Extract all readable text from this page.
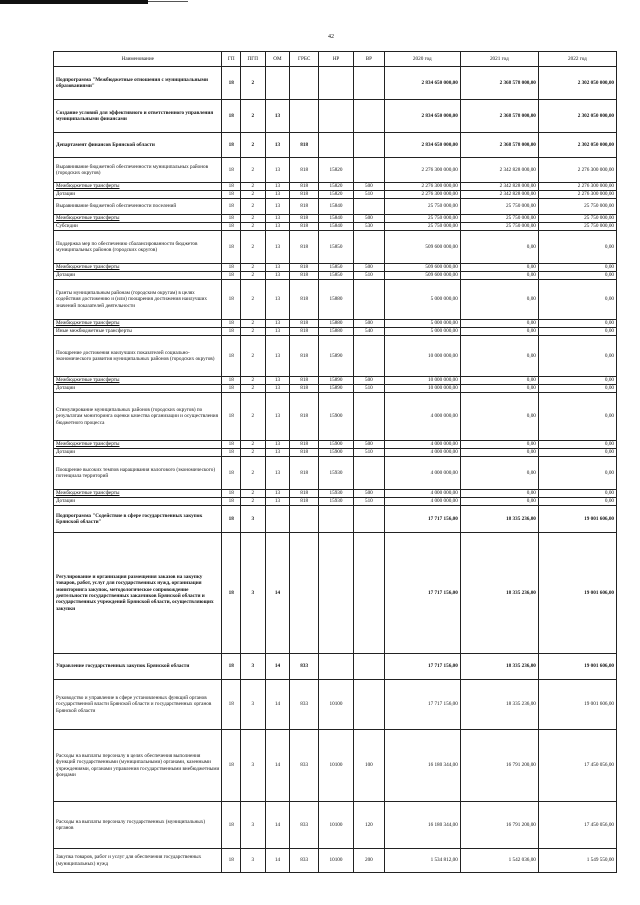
42
Наименование	ГП	ПГП	ОМ	ГРБС	НР	ВР	2020 год	2021 год	2022 год
Подпрограмма "Межбюджетные отношения с муниципальными образованиями"	18	2					2 834 650 000,00	2 368 578 000,00	2 302 050 000,00
Создание условий для эффективного и ответственного управления муниципальными финансами	18	2	13				2 834 650 000,00	2 368 578 000,00	2 302 050 000,00
Департамент финансов Брянской области	18	2	13	818			2 834 650 000,00	2 368 578 000,00	2 302 050 000,00
Выравнивание бюджетной обеспеченности муниципальных районов (городских округов)	18	2	13	818	15820		2 276 300 000,00	2 342 828 000,00	2 276 300 000,00
Межбюджетные трансферты	18	2	13	818	15820	500	2 276 300 000,00	2 342 828 000,00	2 276 300 000,00
Дотации	18	2	13	818	15820	510	2 276 300 000,00	2 342 828 000,00	2 276 300 000,00
Выравнивание бюджетной обеспеченности поселений	18	2	13	818	15840		25 750 000,00	25 750 000,00	25 750 000,00
Межбюджетные трансферты	18	2	13	818	15840	500	25 750 000,00	25 750 000,00	25 750 000,00
Субсидии	18	2	13	818	15840	530	25 750 000,00	25 750 000,00	25 750 000,00
Поддержка мер по обеспечению сбалансированности бюджетов муниципальных районов (городских округов)	18	2	13	818	15850		509 600 000,00	0,00	0,00
Межбюджетные трансферты	18	2	13	818	15850	500	509 600 000,00	0,00	0,00
Дотации	18	2	13	818	15850	510	509 600 000,00	0,00	0,00
Гранты муниципальным районам (городским округам) в целях содействия достижению и (или) поощрения достижения наилучших значений показателей деятельности	18	2	13	818	15880		5 000 000,00	0,00	0,00
Межбюджетные трансферты	18	2	13	818	15880	500	5 000 000,00	0,00	0,00
Иные межбюджетные трансферты	18	2	13	818	15880	540	5 000 000,00	0,00	0,00
Поощрение достижения наилучших показателей социально-экономического развития муниципальных районов (городских округов)	18	2	13	818	15890		10 000 000,00	0,00	0,00
Межбюджетные трансферты	18	2	13	818	15890	500	10 000 000,00	0,00	0,00
Дотации	18	2	13	818	15890	510	10 000 000,00	0,00	0,00
Стимулирование муниципальных районов (городских округов) по результатам мониторинга оценки качества организации и осуществления бюджетного процесса	18	2	13	818	15900		4 000 000,00	0,00	0,00
Межбюджетные трансферты	18	2	13	818	15900	500	4 000 000,00	0,00	0,00
Дотации	18	2	13	818	15900	510	4 000 000,00	0,00	0,00
Поощрение высоких темпов наращивания налогового (экономического) потенциала территорий	18	2	13	818	15930		4 000 000,00	0,00	0,00
Межбюджетные трансферты	18	2	13	818	15930	500	4 000 000,00	0,00	0,00
Дотации	18	2	13	818	15930	510	4 000 000,00	0,00	0,00
Подпрограмма "Содействие в сфере государственных закупок Брянской области"	18	3					17 717 156,00	18 335 236,00	19 001 606,00
Регулирование и организация размещения заказов на закупку товаров, работ, услуг для государственных нужд, организация мониторинга закупок, методологическое сопровождение деятельности государственных заказчиков Брянской области и государственных учреждений Брянской области, осуществляющих закупки	18	3	14				17 717 156,00	18 335 236,00	19 001 606,00
Управление государственных закупок Брянской области	18	3	14	833			17 717 156,00	18 335 236,00	19 001 606,00
Руководство и управление в сфере установленных функций органов государственной власти Брянской области и государственных органов Брянской области	18	3	14	833	10100		17 717 156,00	18 335 236,00	19 001 606,00
Расходы на выплаты персоналу в целях обеспечения выполнения функций государственными (муниципальными) органами, казенными учреждениями, органами управления государственными внебюджетными фондами	18	3	14	833	10100	100	16 180 344,00	16 791 200,00	17 450 056,00
Расходы на выплаты персоналу государственных (муниципальных) органов	18	3	14	833	10100	120	16 180 344,00	16 791 200,00	17 450 056,00
Закупка товаров, работ и услуг для обеспечения государственных (муниципальных) нужд	18	3	14	833	10100	200	1 534 812,00	1 542 036,00	1 549 550,00
